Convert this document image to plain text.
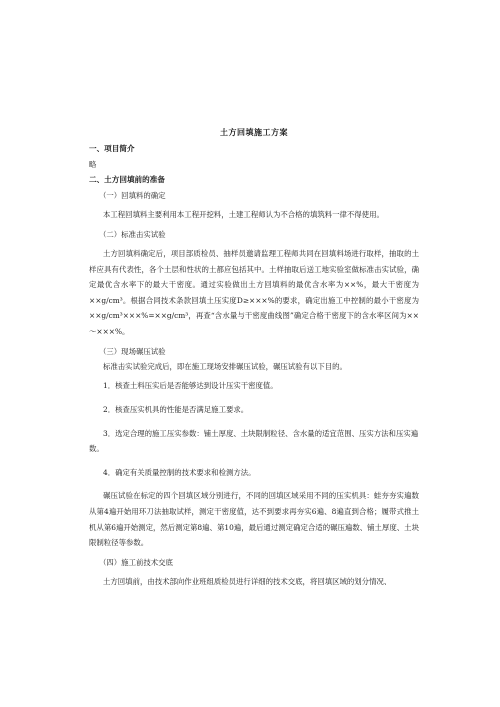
土方回填施工方案
一、项目简介
略
二、土方回填前的准备
（一）回填料的确定
本工程回填料主要利用本工程开挖料，土建工程师认为不合格的填筑料一律不得使用。
（二）标准击实试验
土方回填料确定后，项目部质检员、抽样员邀请监理工程师共同在回填料场进行取样，抽取的土样应具有代表性，各个土层和性状的土都应包括其中。土样抽取后送工地实验室做标准击实试验，确定最优含水率下的最大干密度。通过实验做出土方回填料的最优含水率为××%，最大干密度为××g/cm³。根据合同技术条款回填土压实度D≥×××%的要求，确定出施工中控制的最小干密度为××g/cm³×××%=××g/cm³，再查“含水量与干密度曲线图”确定合格干密度下的含水率区间为××～×××%。
（三）现场碾压试验
标准击实试验完成后，即在施工现场安排碾压试验，碾压试验有以下目的。
1．核查土料压实后是否能够达到设计压实干密度值。
2．核查压实机具的性能是否满足施工要求。
3．选定合理的施工压实参数：铺土厚度、土块限制粒径、含水量的适宜范围、压实方法和压实遍数。
4．确定有关质量控制的技术要求和检测方法。
碾压试验在标定的四个回填区域分别进行，不同的回填区域采用不同的压实机具：蛙夯夯实遍数从第4遍开始用环刀法抽取试样，测定干密度值，达不到要求再夯实6遍、8遍直到合格；履带式推土机从第6遍开始测定，然后测定第8遍、第10遍，最后通过测定确定合适的碾压遍数、铺土厚度、土块限制粒径等参数。
（四）施工前技术交底
土方回填前，由技术部向作业班组质检员进行详细的技术交底，将回填区域的划分情况、
